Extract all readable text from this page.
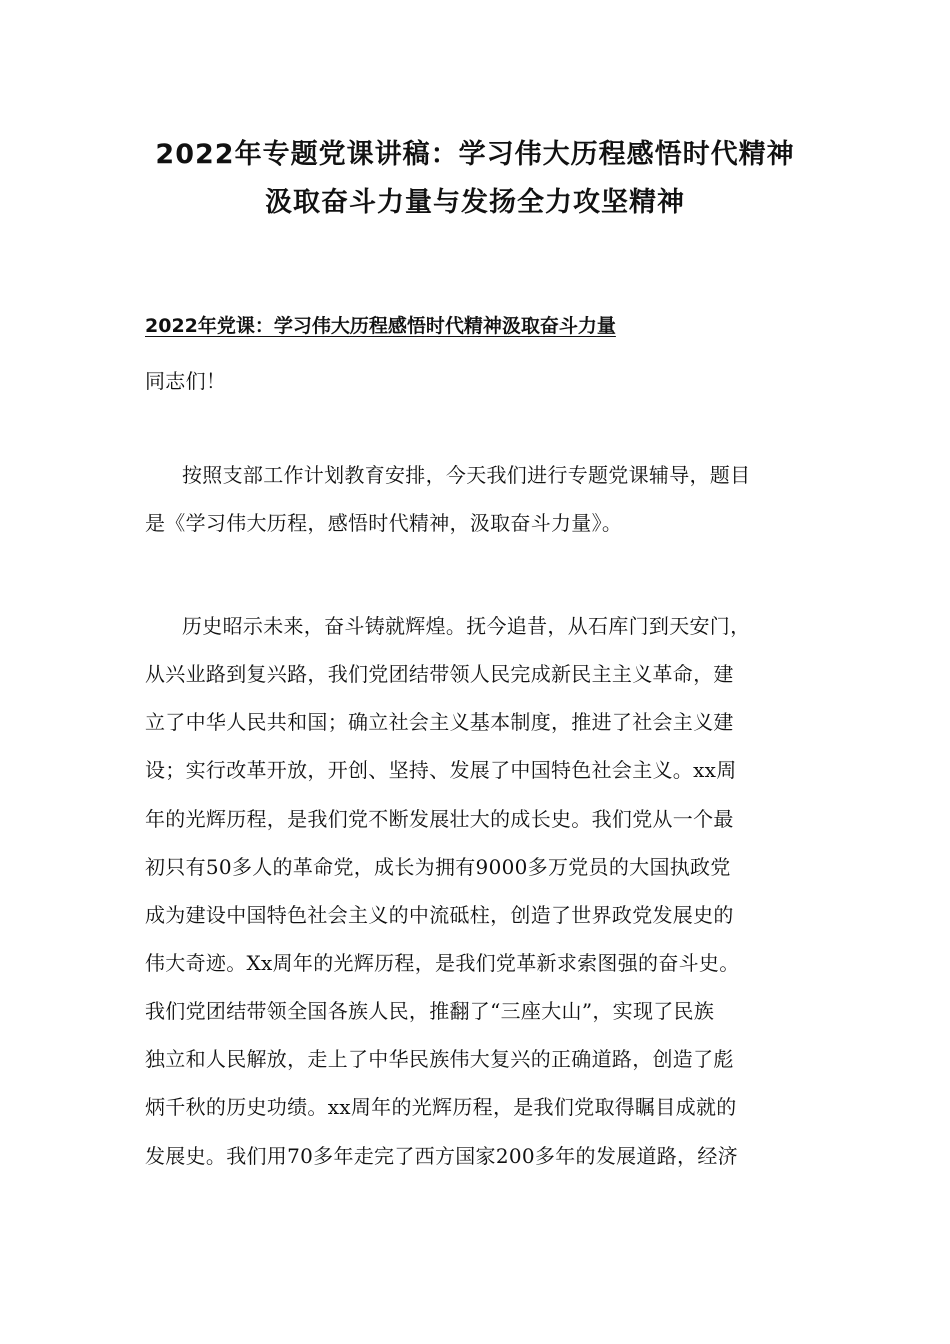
2022年专题党课讲稿：学习伟大历程感悟时代精神
汲取奋斗力量与发扬全力攻坚精神
2022年党课：学习伟大历程感悟时代精神汲取奋斗力量

同志们！

按照支部工作计划教育安排，今天我们进行专题党课辅导，题目

是《学习伟大历程，感悟时代精神，汲取奋斗力量》。

历史昭示未来，奋斗铸就辉煌。抚今追昔，从石库门到天安门，

从兴业路到复兴路，我们党团结带领人民完成新民主主义革命，建

立了中华人民共和国；确立社会主义基本制度，推进了社会主义建

设；实行改革开放，开创、坚持、发展了中国特色社会主义。xx周

年的光辉历程，是我们党不断发展壮大的成长史。我们党从一个最

初只有50多人的革命党，成长为拥有9000多万党员的大国执政党

成为建设中国特色社会主义的中流砥柱，创造了世界政党发展史的

伟大奇迹。Xx周年的光辉历程，是我们党革新求索图强的奋斗史。

我们党团结带领全国各族人民，推翻了“三座大山”，实现了民族

独立和人民解放，走上了中华民族伟大复兴的正确道路，创造了彪

炳千秋的历史功绩。xx周年的光辉历程，是我们党取得瞩目成就的

发展史。我们用70多年走完了西方国家200多年的发展道路，经济
